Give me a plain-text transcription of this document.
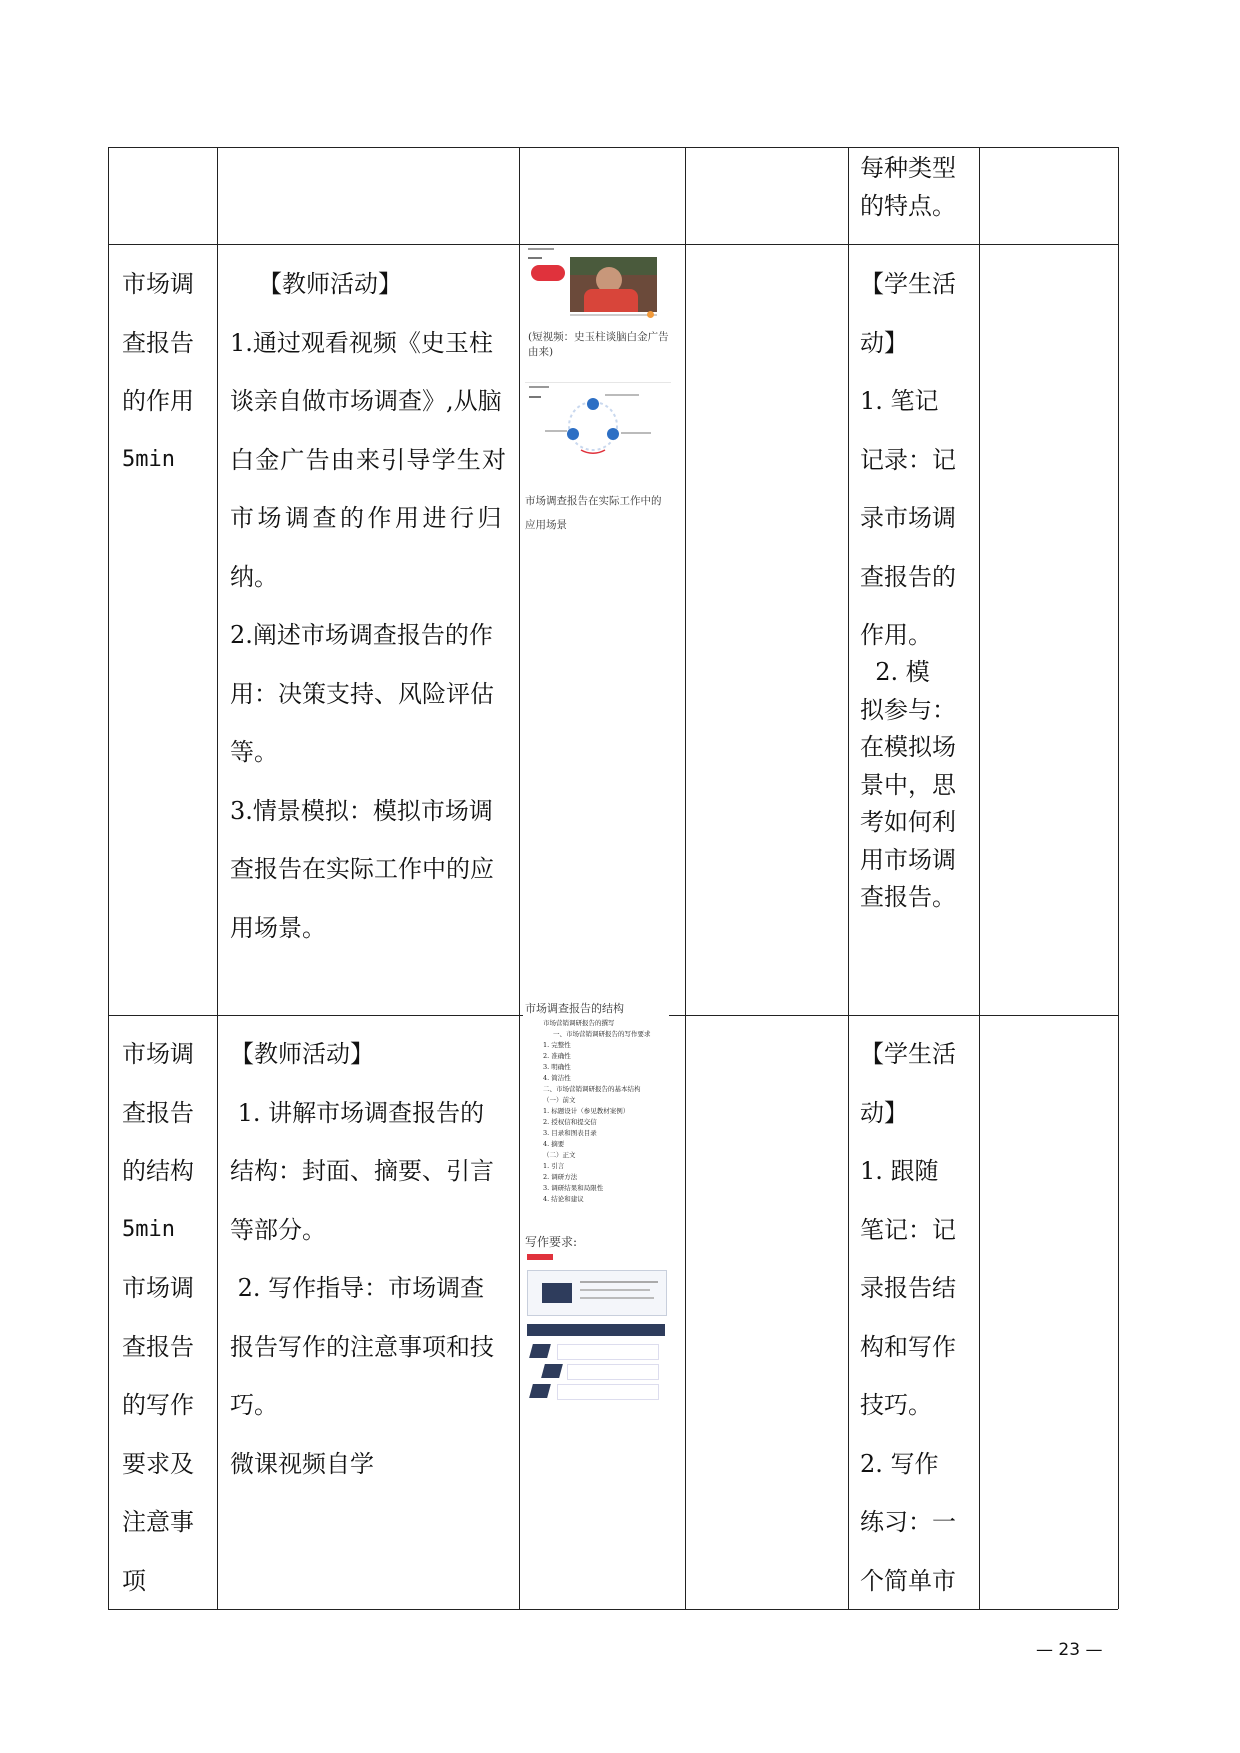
每种类型
的特点。
市场调
查报告
的作用
5min
【教师活动】
1.通过观看视频《史玉柱
谈亲自做市场调查》,从脑
白金广告由来引导学生对
市场调查的作用进行归
纳。
2.阐述市场调查报告的作
用：决策支持、风险评估
等。
3.情景模拟：模拟市场调
查报告在实际工作中的应
用场景。
(短视频：史玉柱谈脑白金广告
由来)
市场调查报告在实际工作中的
应用场景
【学生活
动】
1. 笔记
记录：记
录市场调
查报告的
作用。
2. 模
拟参与：
在模拟场
景中，思
考如何利
用市场调
查报告。
市场调
查报告
的结构
5min
市场调
查报告
的写作
要求及
注意事
项
【教师活动】
1. 讲解市场调查报告的
结构：封面、摘要、引言
等部分。
2. 写作指导：市场调查
报告写作的注意事项和技
巧。
微课视频自学
市场调查报告的结构
市场营销调研报告的撰写
一、市场营销调研报告的写作要求
1. 完整性
2. 准确性
3. 明确性
4. 简洁性
二、市场营销调研报告的基本结构
（一）前文
1. 标题设计（参见教材案例）
2. 授权信和提交信
3. 目录和图表目录
4. 摘要
（二）正文
1. 引言
2. 调研方法
3. 调研结果和局限性
4. 结论和建议
写作要求:
【学生活
动】
1. 跟随
笔记：记
录报告结
构和写作
技巧。
2. 写作
练习：一
个简单市
— 23 —
